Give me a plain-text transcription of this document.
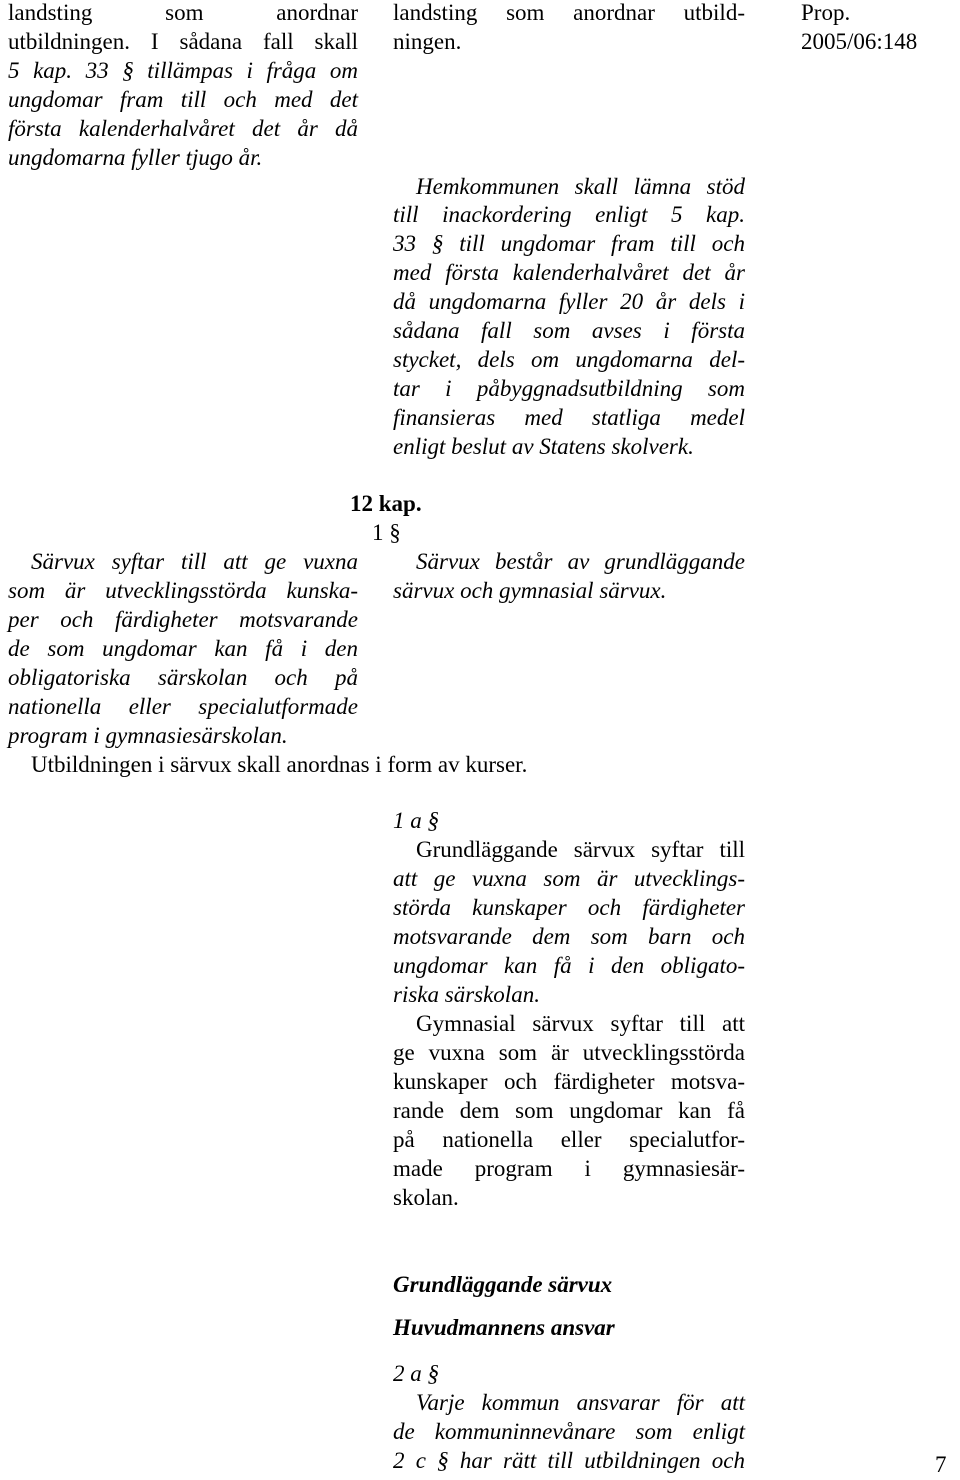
Prop. 2005/06:148
landsting som anordnar
utbildningen. I sådana fall skall
5 kap. 33 § tillämpas i fråga om
ungdomar fram till och med det
första kalenderhalvåret det år då
ungdomarna fyller tjugo år.
landsting som anordnar utbild-
ningen.
Hemkommunen skall lämna stöd
till inackordering enligt 5 kap.
33 § till ungdomar fram till och
med första kalenderhalvåret det år
då ungdomarna fyller 20 år dels i
sådana fall som avses i första
stycket, dels om ungdomarna del-
tar i påbyggnadsutbildning som
finansieras med statliga medel
enligt beslut av Statens skolverk.
12 kap.
1 §
Särvux syftar till att ge vuxna
som är utvecklingsstörda kunska-
per och färdigheter motsvarande
de som ungdomar kan få i den
obligatoriska särskolan och på
nationella eller specialutformade
program i gymnasiesärskolan.
Utbildningen i särvux skall anordnas i form av kurser.
Särvux består av grundläggande
särvux och gymnasial särvux.
1 a §
Grundläggande särvux syftar till
att ge vuxna som är utvecklings-
störda kunskaper och färdigheter
motsvarande dem som barn och
ungdomar kan få i den obligato-
riska särskolan.
Gymnasial särvux syftar till att
ge vuxna som är utvecklingsstörda
kunskaper och färdigheter motsva-
rande dem som ungdomar kan få
på nationella eller specialutfor-
made program i gymnasiesär-
skolan.
Grundläggande särvux
Huvudmannens ansvar
2 a §
Varje kommun ansvarar för att
de kommuninnevånare som enligt
2 c § har rätt till utbildningen och	7
